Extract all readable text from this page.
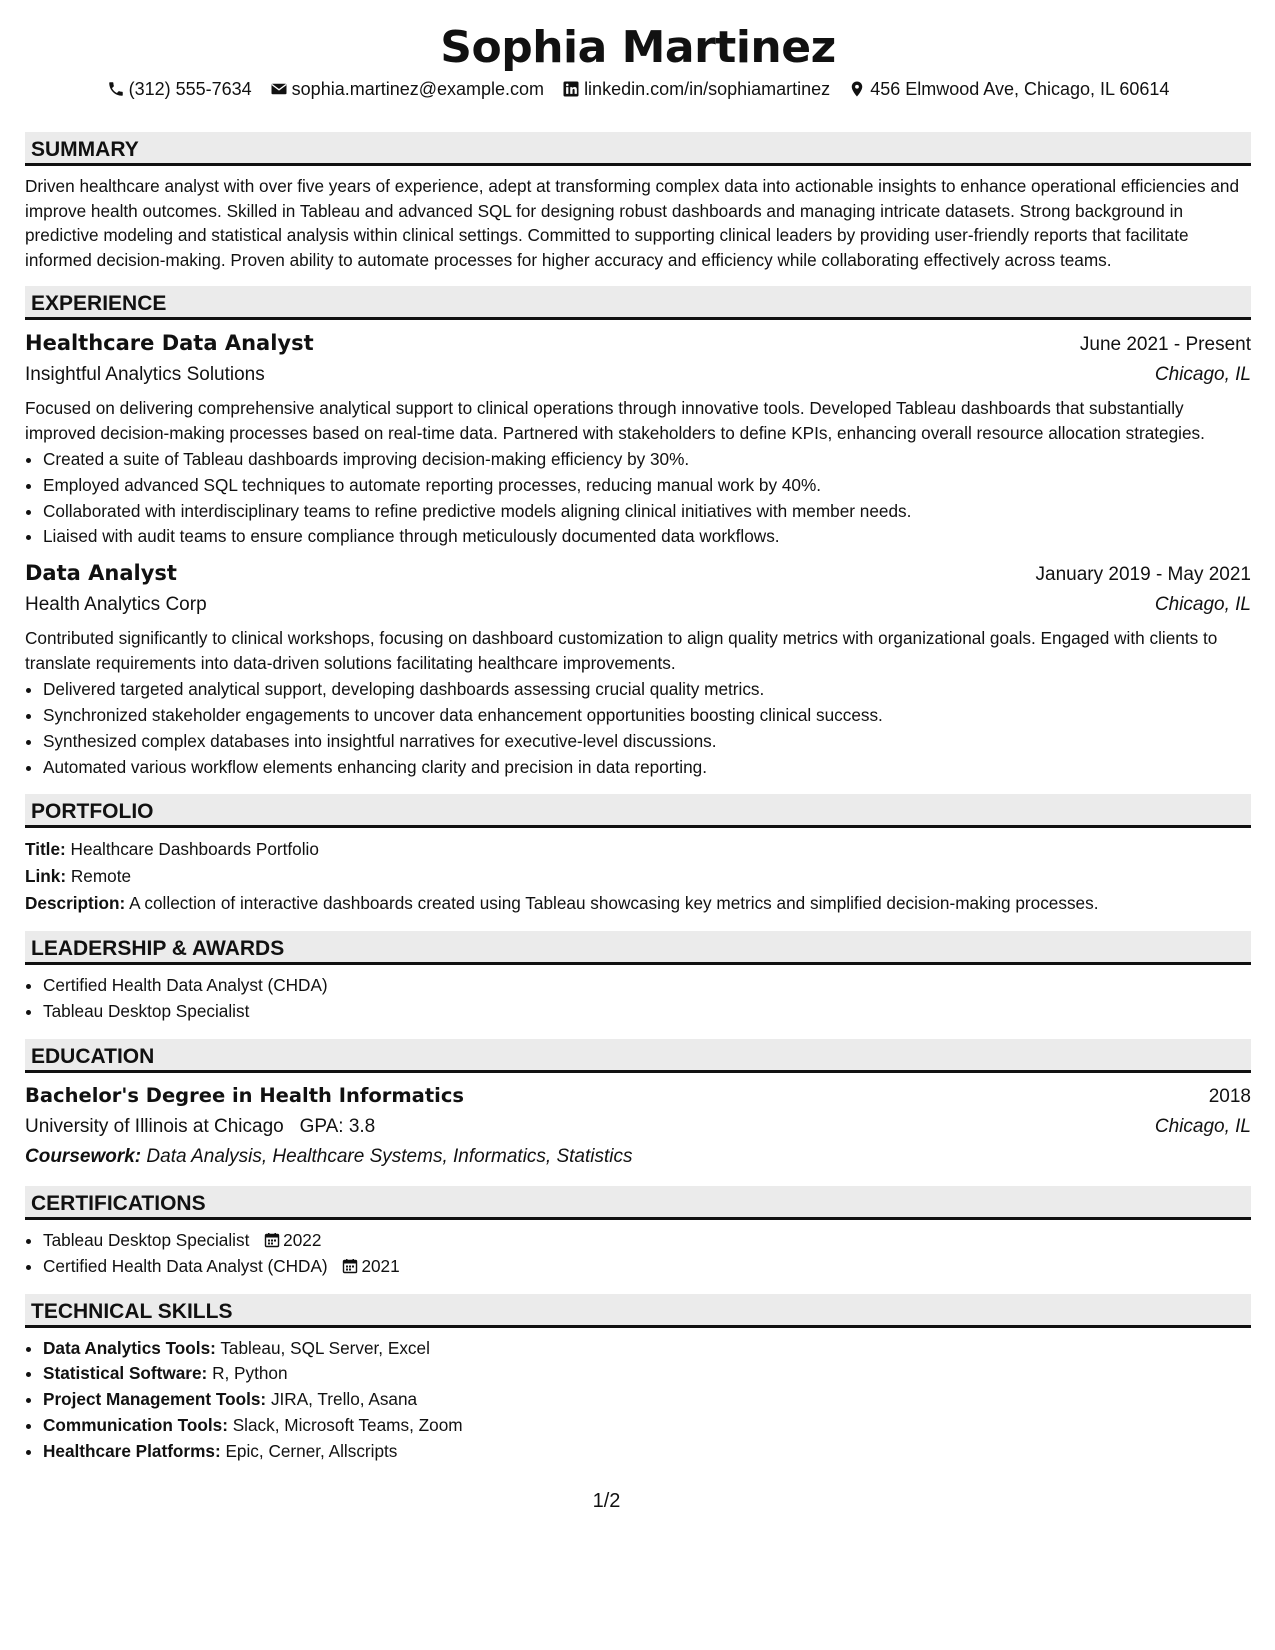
Sophia Martinez
(312) 555-7634 sophia.martinez@example.com linkedin.com/in/sophiamartinez 456 Elmwood Ave, Chicago, IL 60614
SUMMARY

Driven healthcare analyst with over five years of experience, adept at transforming complex data into actionable insights to enhance operational efficiencies and improve health outcomes. Skilled in Tableau and advanced SQL for designing robust dashboards and managing intricate datasets. Strong background in predictive modeling and statistical analysis within clinical settings. Committed to supporting clinical leaders by providing user-friendly reports that facilitate informed decision-making. Proven ability to automate processes for higher accuracy and efficiency while collaborating effectively across teams.

EXPERIENCE
Healthcare Data Analyst	June 2021 - Present
Insightful Analytics Solutions	Chicago, IL

Focused on delivering comprehensive analytical support to clinical operations through innovative tools. Developed Tableau dashboards that substantially improved decision-making processes based on real-time data. Partnered with stakeholders to define KPIs, enhancing overall resource allocation strategies.

• Created a suite of Tableau dashboards improving decision-making efficiency by 30%.
• Employed advanced SQL techniques to automate reporting processes, reducing manual work by 40%.
• Collaborated with interdisciplinary teams to refine predictive models aligning clinical initiatives with member needs.
• Liaised with audit teams to ensure compliance through meticulously documented data workflows.
Data Analyst	January 2019 - May 2021
Health Analytics Corp	Chicago, IL

Contributed significantly to clinical workshops, focusing on dashboard customization to align quality metrics with organizational goals. Engaged with clients to translate requirements into data-driven solutions facilitating healthcare improvements.

• Delivered targeted analytical support, developing dashboards assessing crucial quality metrics.
• Synchronized stakeholder engagements to uncover data enhancement opportunities boosting clinical success.
• Synthesized complex databases into insightful narratives for executive-level discussions.
• Automated various workflow elements enhancing clarity and precision in data reporting.
PORTFOLIO
Title: Healthcare Dashboards Portfolio
Link: Remote
Description: A collection of interactive dashboards created using Tableau showcasing key metrics and simplified decision-making processes.
LEADERSHIP & AWARDS
• Certified Health Data Analyst (CHDA)
• Tableau Desktop Specialist
EDUCATION
Bachelor's Degree in Health Informatics	2018
University of Illinois at Chicago GPA: 3.8	Chicago, IL
Coursework: Data Analysis, Healthcare Systems, Informatics, Statistics
CERTIFICATIONS
• Tableau Desktop Specialist 2022
• Certified Health Data Analyst (CHDA) 2021
TECHNICAL SKILLS
• Data Analytics Tools: Tableau, SQL Server, Excel
• Statistical Software: R, Python
• Project Management Tools: JIRA, Trello, Asana
• Communication Tools: Slack, Microsoft Teams, Zoom
• Healthcare Platforms: Epic, Cerner, Allscripts
1/2
